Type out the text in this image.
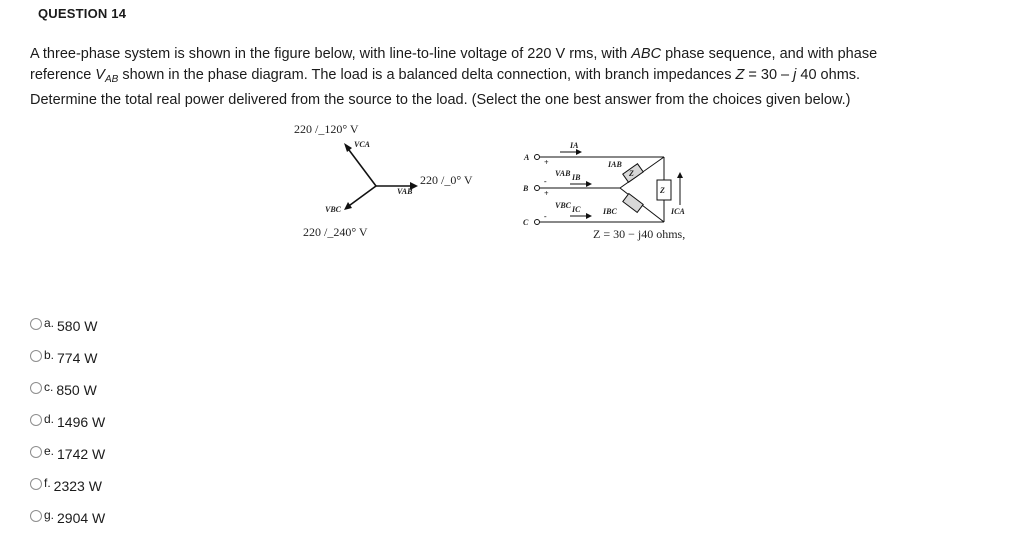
QUESTION 14
A three-phase system is shown in the figure below, with line-to-line voltage of 220 V rms, with ABC phase sequence, and with phase
reference $V_{AB}$ shown in the phase diagram. The load is a balanced delta connection, with branch impedances Z = 30 – j 40 ohms.
Determine the total real power delivered from the source to the load. (Select the one best answer from the choices given below.)
220 /_120° V
220 /_0° V
220 /_240° V
VCA
VAB
VBC
A
B
C
+
-
+
-
VAB
VBC
IA
IB
IC
Z
Z
IAB
IBC	ICA
Z = 30 − j40 ohms,
a. 580 W
b. 774 W
c. 850 W
d. 1496 W
e. 1742 W
f. 2323 W
g. 2904 W
